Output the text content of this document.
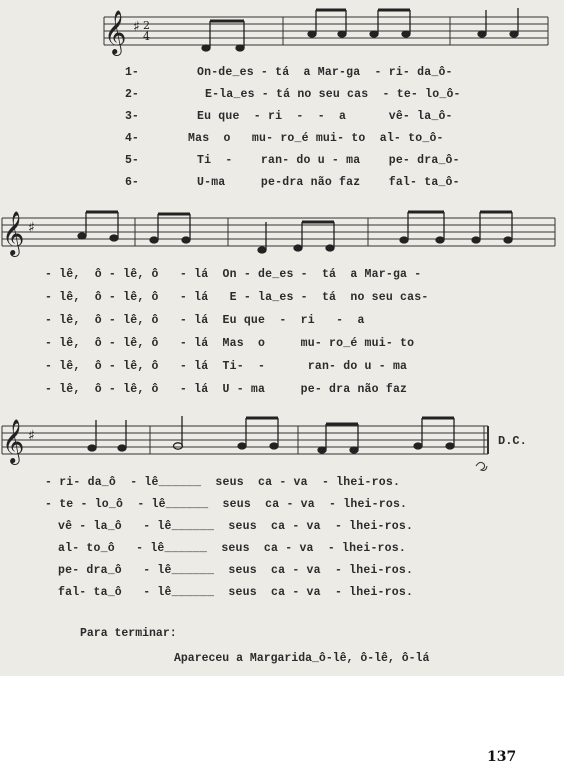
𝄞 ♯ 2
4
𝄞 ♯
𝄞 ♯	D.C.
1-	On-de_es - tá  a Mar-ga  - ri- da_ô-
2-	E-la_es - tá no seu cas  - te- lo_ô-
3-	Eu que  - ri  -  -  a      vê- la_ô-
4-	Mas  o   mu- ro_é mui- to  al- to_ô-
5-	Ti  -    ran- do u - ma    pe- dra_ô-
6-	U-ma     pe-dra não faz    fal- ta_ô-
- lê,  ô - lê, ô   - lá  On - de_es -  tá  a Mar-ga -
- lê,  ô - lê, ô   - lá   E - la_es -  tá  no seu cas-
- lê,  ô - lê, ô   - lá  Eu que  -  ri   -  a
- lê,  ô - lê, ô   - lá  Mas  o     mu- ro_é mui- to
- lê,  ô - lê, ô   - lá  Ti-  -      ran- do u - ma
- lê,  ô - lê, ô   - lá  U - ma     pe- dra não faz
- ri- da_ô  - lê______  seus  ca - va  - lhei-ros.
- te - lo_ô  - lê______  seus  ca - va  - lhei-ros.
vê - la_ô   - lê______  seus  ca - va  - lhei-ros.
al- to_ô   - lê______  seus  ca - va  - lhei-ros.
pe- dra_ô   - lê______  seus  ca - va  - lhei-ros.
fal- ta_ô   - lê______  seus  ca - va  - lhei-ros.
Para terminar:
Apareceu a Margarida_ô-lê, ô-lê, ô-lá
137
